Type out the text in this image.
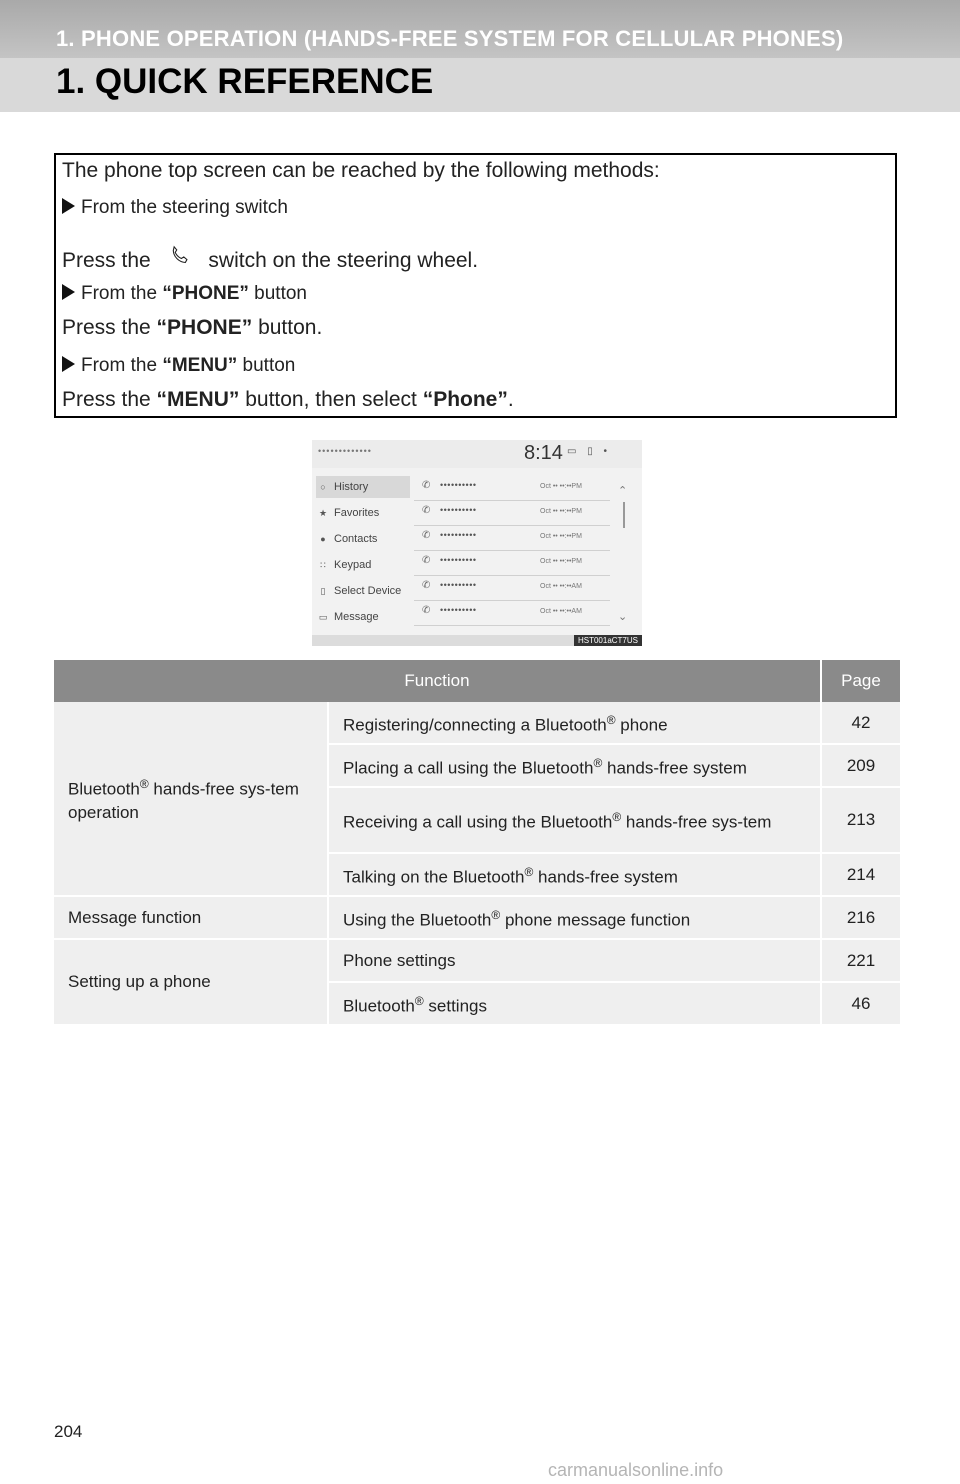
1. PHONE OPERATION (HANDS-FREE SYSTEM FOR CELLULAR PHONES)
1. QUICK REFERENCE
The phone top screen can be reached by the following methods:
From the steering switch
Press the	switch on the steering wheel.
From the “PHONE” button
Press the “PHONE” button.
From the “MENU” button
Press the “MENU” button, then select “Phone”.
•••••••••••••	8:14 ▭ ▯ •
○ History
★ Favorites
● Contacts
∷ Keypad
▯ Select Device
▭ Message
✆ ••••••••••	Oct •• ••:••PM
✆ ••••••••••	Oct •• ••:••PM
✆ ••••••••••	Oct •• ••:••PM
✆ ••••••••••	Oct •• ••:••PM
✆ ••••••••••	Oct •• ••:••AM
✆ ••••••••••	Oct •• ••:••AM
⌃
⌄
HST001aCT7US
Function		Page
Bluetooth® hands-free sys-tem operation	Registering/connecting a Bluetooth® phone	42
	Placing a call using the Bluetooth® hands-free system	209
	Receiving a call using the Bluetooth® hands-free sys-tem	213
	Talking on the Bluetooth® hands-free system	214
Message function	Using the Bluetooth® phone message function	216
Setting up a phone	Phone settings	221
	Bluetooth® settings	46
204
carmanualsonline.info
